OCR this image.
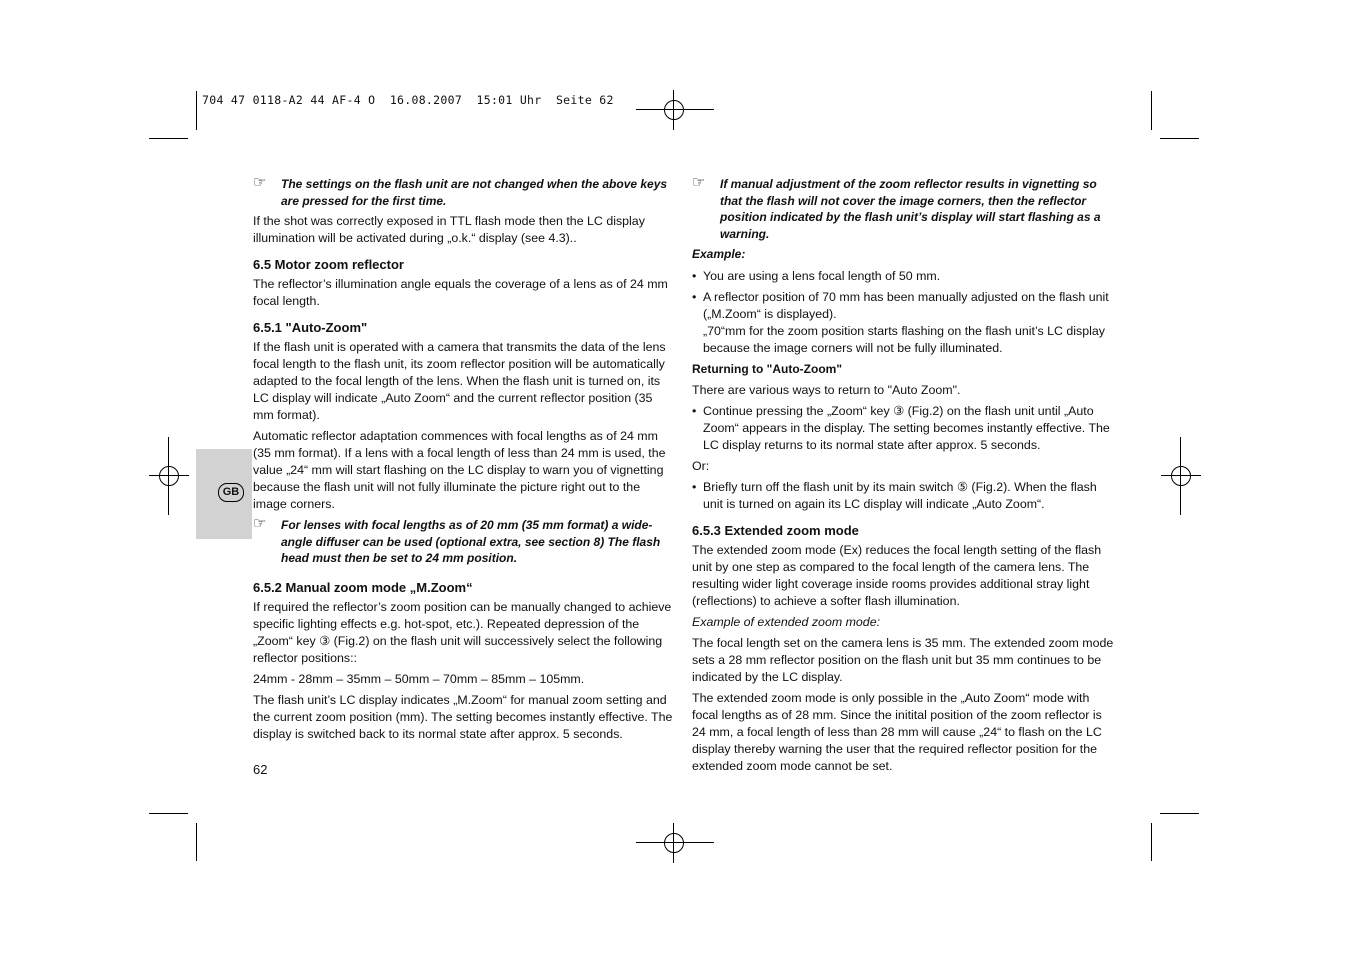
704 47 0118-A2 44 AF-4 O  16.08.2007  15:01 Uhr  Seite 62
GB
☞ The settings on the flash unit are not changed when the above keys are pressed for the first time.

If the shot was correctly exposed in TTL flash mode then the LC display illumination will be activated during „o.k.“ display (see 4.3)..

6.5 Motor zoom reflector

The reflector’s illumination angle equals the coverage of a lens as of 24 mm focal length.

6.5.1 "Auto-Zoom"

If the flash unit is operated with a camera that transmits the data of the lens focal length to the flash unit, its zoom reflector position will be automatically adapted to the focal length of the lens. When the flash unit is turned on, its LC display will indicate „Auto Zoom“ and the current reflector position (35 mm format).

Automatic reflector adaptation commences with focal lengths as of 24 mm (35 mm format). If a lens with a focal length of less than 24 mm is used, the value „24“ mm will start flashing on the LC display to warn you of vignetting because the flash unit will not fully illuminate the picture right out to the image corners.

☞ For lenses with focal lengths as of 20 mm (35 mm format) a wide-angle diffuser can be used (optional extra, see section 8) The flash head must then be set to 24 mm position.
6.5.2 Manual zoom mode „M.Zoom“

If required the reflector’s zoom position can be manually changed to achieve specific lighting effects e.g. hot-spot, etc.). Repeated depression of the „Zoom“ key ③ (Fig.2) on the flash unit will successively select the following reflector positions::

24mm - 28mm – 35mm – 50mm – 70mm – 85mm – 105mm.

The flash unit’s LC display indicates „M.Zoom“ for manual zoom setting and the current zoom position (mm). The setting becomes instantly effective. The display is switched back to its normal state after approx. 5 seconds.

62
☞ If manual adjustment of the zoom reflector results in vignetting so that the flash will not cover the image corners, then the reflector position indicated by the flash unit’s display will start flashing as a warning.
Example:
• You are using a lens focal length of 50 mm.
• A reflector position of 70 mm has been manually adjusted on the flash unit („M.Zoom“ is displayed).

„70“mm for the zoom position starts flashing on the flash unit’s LC display because the image corners will not be fully illuminated.

Returning to "Auto-Zoom"

There are various ways to return to "Auto Zoom".

• Continue pressing the „Zoom“ key ③ (Fig.2) on the flash unit until „Auto Zoom“ appears in the display. The setting becomes instantly effective. The LC display returns to its normal state after approx. 5 seconds.

Or:

• Briefly turn off the flash unit by its main switch ⑤ (Fig.2). When the flash unit is turned on again its LC display will indicate „Auto Zoom“.
6.5.3 Extended zoom mode

The extended zoom mode (Ex) reduces the focal length setting of the flash unit by one step as compared to the focal length of the camera lens. The resulting wider light coverage inside rooms provides additional stray light (reflections) to achieve a softer flash illumination.

Example of extended zoom mode:

The focal length set on the camera lens is 35 mm. The extended zoom mode sets a 28 mm reflector position on the flash unit but 35 mm continues to be indicated by the LC display.

The extended zoom mode is only possible in the „Auto Zoom“ mode with focal lengths as of 28 mm. Since the initital position of the zoom reflector is 24 mm, a focal length of less than 28 mm will cause „24“ to flash on the LC display thereby warning the user that the required reflector position for the extended zoom mode cannot be set.
